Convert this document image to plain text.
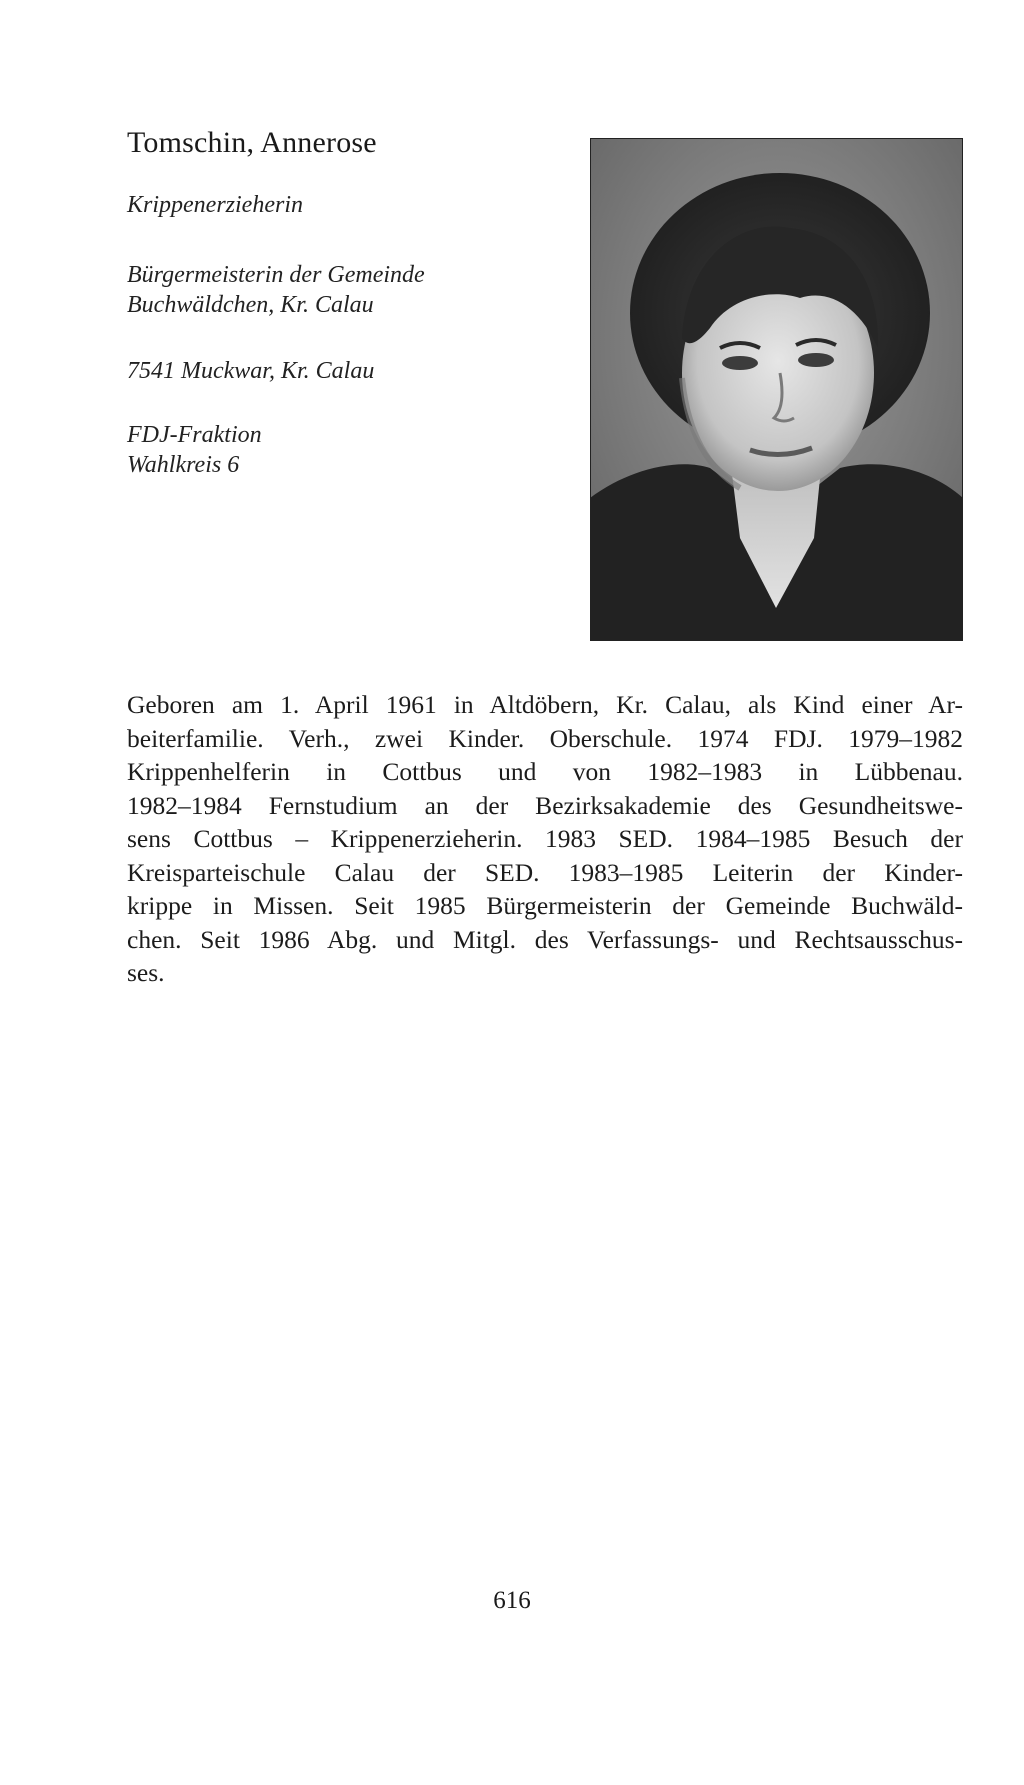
Tomschin, Annerose
Krippenerzieherin
Bürgermeisterin der Gemeinde
Buchwäldchen, Kr. Calau
7541 Muckwar, Kr. Calau
FDJ-Fraktion
Wahlkreis 6
Geboren am 1. April 1961 in Altdöbern, Kr. Calau, als Kind einer Ar-
beiterfamilie. Verh., zwei Kinder. Oberschule. 1974 FDJ. 1979–1982
Krippenhelferin in Cottbus und von 1982–1983 in Lübbenau.
1982–1984 Fernstudium an der Bezirksakademie des Gesundheitswe-
sens Cottbus – Krippenerzieherin. 1983 SED. 1984–1985 Besuch der
Kreisparteischule Calau der SED. 1983–1985 Leiterin der Kinder-
krippe in Missen. Seit 1985 Bürgermeisterin der Gemeinde Buchwäld-
chen. Seit 1986 Abg. und Mitgl. des Verfassungs- und Rechtsausschus-
ses.
616
